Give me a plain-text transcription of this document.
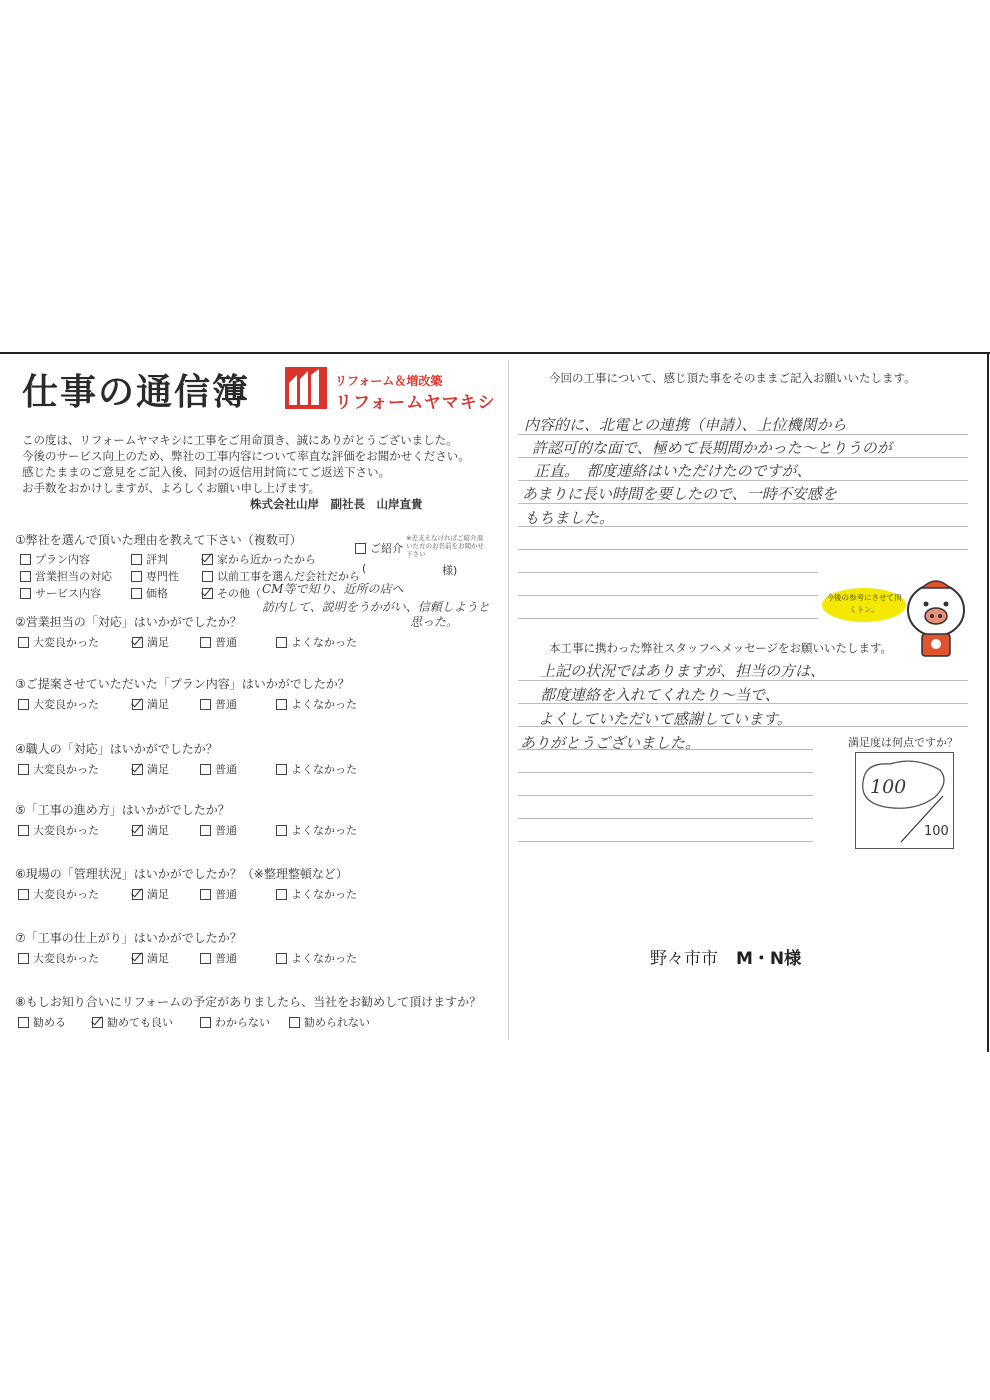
仕事の通信簿	リフォーム＆増改築
リフォームヤマキシ
この度は、リフォームヤマキシに工事をご用命頂き、誠にありがとうございました。
今後のサービス向上のため、弊社の工事内容について率直な評価をお聞かせください。
感じたままのご意見をご記入後、同封の返信用封筒にてご返送下さい。
お手数をおかけしますが、よろしくお願い申し上げます。
株式会社山岸　副社長　山岸直貴
①弊社を選んで頂いた理由を教えて下さい（複数可）
プラン内容	評判	家から近かったから
営業担当の対応	専門性	以前工事を選んだ会社だから
サービス内容	価格	その他（ CM等で知り、近所の店へ
訪内して、説明をうかがい、信頼しようと
思った。
ご紹介
※差支えなければご紹介頂いた方のお名前をお聞かせ下さい
(	様)
②営業担当の「対応」はいかがでしたか？
大変良かった	満足	普通	よくなかった
③ご提案させていただいた「プラン内容」はいかがでしたか？
大変良かった	満足	普通	よくなかった
④職人の「対応」はいかがでしたか？
大変良かった	満足	普通	よくなかった
⑤「工事の進め方」はいかがでしたか？
大変良かった	満足	普通	よくなかった
⑥現場の「管理状況」はいかがでしたか？（※整理整頓など）
大変良かった	満足	普通	よくなかった
⑦「工事の仕上がり」はいかがでしたか？
大変良かった	満足	普通	よくなかった
⑧もしお知り合いにリフォームの予定がありましたら、当社をお勧めして頂けますか？
勧める	勧めても良い	わからない	勧められない
今回の工事について、感じ頂た事をそのままご記入お願いいたします。
内容的に、北電との連携（申請）、上位機関から
許認可的な面で、極めて長期間かかった～とりうのが
正直。　都度連絡はいただけたのですが、
あまりに長い時間を要したので、一時不安感を
もちました。
今後の参考にさせて頂くトン。
本工事に携わった弊社スタッフへメッセージをお願いいたします。
上記の状況ではありますが、担当の方は、
都度連絡を入れてくれたり～当で、
よくしていただいて感謝しています。
ありがとうございました。	満足度は何点ですか？
100
100
野々市市 M・N様
